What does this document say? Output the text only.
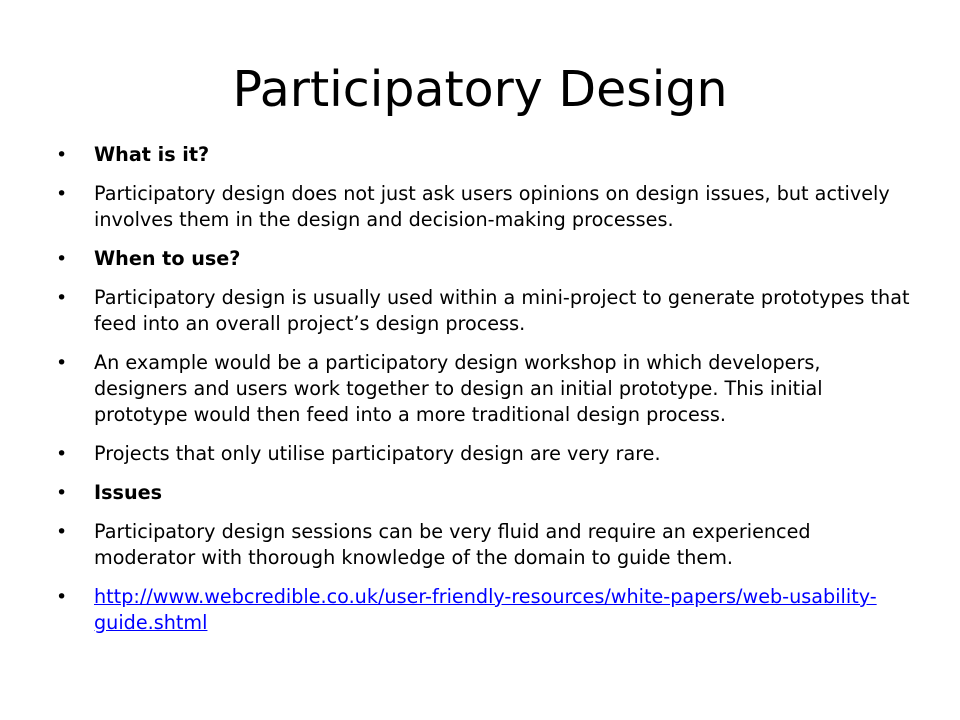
Participatory Design
• What is it?
• Participatory design does not just ask users opinions on design issues, but actively involves them in the design and decision-making processes.
• When to use?
• Participatory design is usually used within a mini-project to generate prototypes that feed into an overall project’s design process.
• An example would be a participatory design workshop in which developers, designers and users work together to design an initial prototype. This initial prototype would then feed into a more traditional design process.
• Projects that only utilise participatory design are very rare.
• Issues
• Participatory design sessions can be very fluid and require an experienced moderator with thorough knowledge of the domain to guide them.
• http://www.webcredible.co.uk/user-friendly-resources/white-papers/web-usability-guide.shtml
